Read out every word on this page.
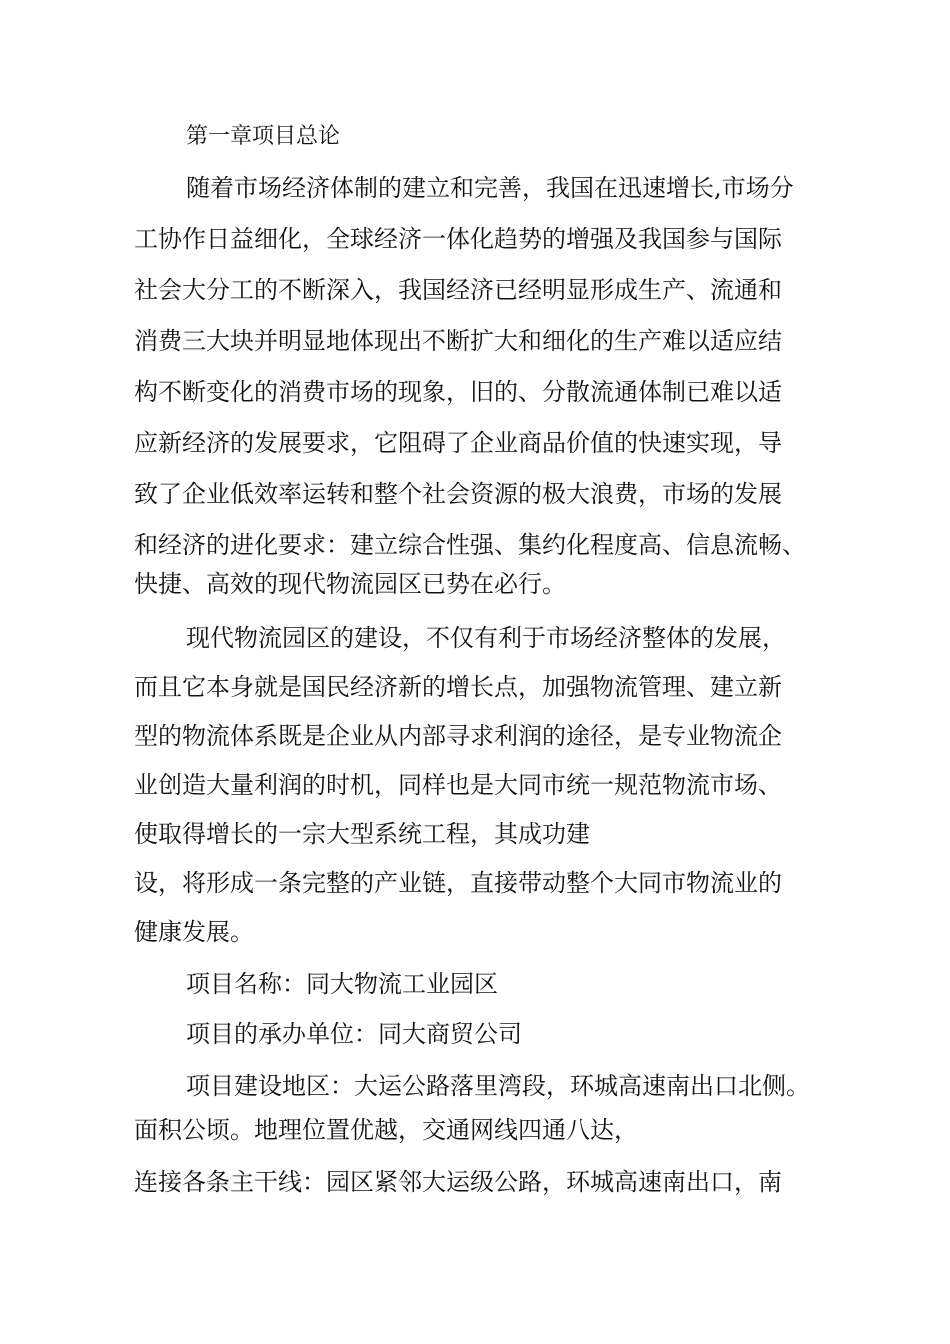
第一章项目总论
随着市场经济体制的建立和完善，我国在迅速增长,市场分
工协作日益细化，全球经济一体化趋势的增强及我国参与国际
社会大分工的不断深入，我国经济已经明显形成生产、流通和
消费三大块并明显地体现出不断扩大和细化的生产难以适应结
构不断变化的消费市场的现象，旧的、分散流通体制已难以适
应新经济的发展要求，它阻碍了企业商品价值的快速实现，导
致了企业低效率运转和整个社会资源的极大浪费，市场的发展
和经济的进化要求：建立综合性强、集约化程度高、信息流畅、
快捷、高效的现代物流园区已势在必行。
现代物流园区的建设，不仅有利于市场经济整体的发展，
而且它本身就是国民经济新的增长点，加强物流管理、建立新
型的物流体系既是企业从内部寻求利润的途径，是专业物流企
业创造大量利润的时机，同样也是大同市统一规范物流市场、
使取得增长的一宗大型系统工程，其成功建
设，将形成一条完整的产业链，直接带动整个大同市物流业的
健康发展。
项目名称：同大物流工业园区
项目的承办单位：同大商贸公司
项目建设地区：大运公路落里湾段，环城高速南出口北侧。
面积公顷。地理位置优越，交通网线四通八达，
连接各条主干线：园区紧邻大运级公路，环城高速南出口，南
